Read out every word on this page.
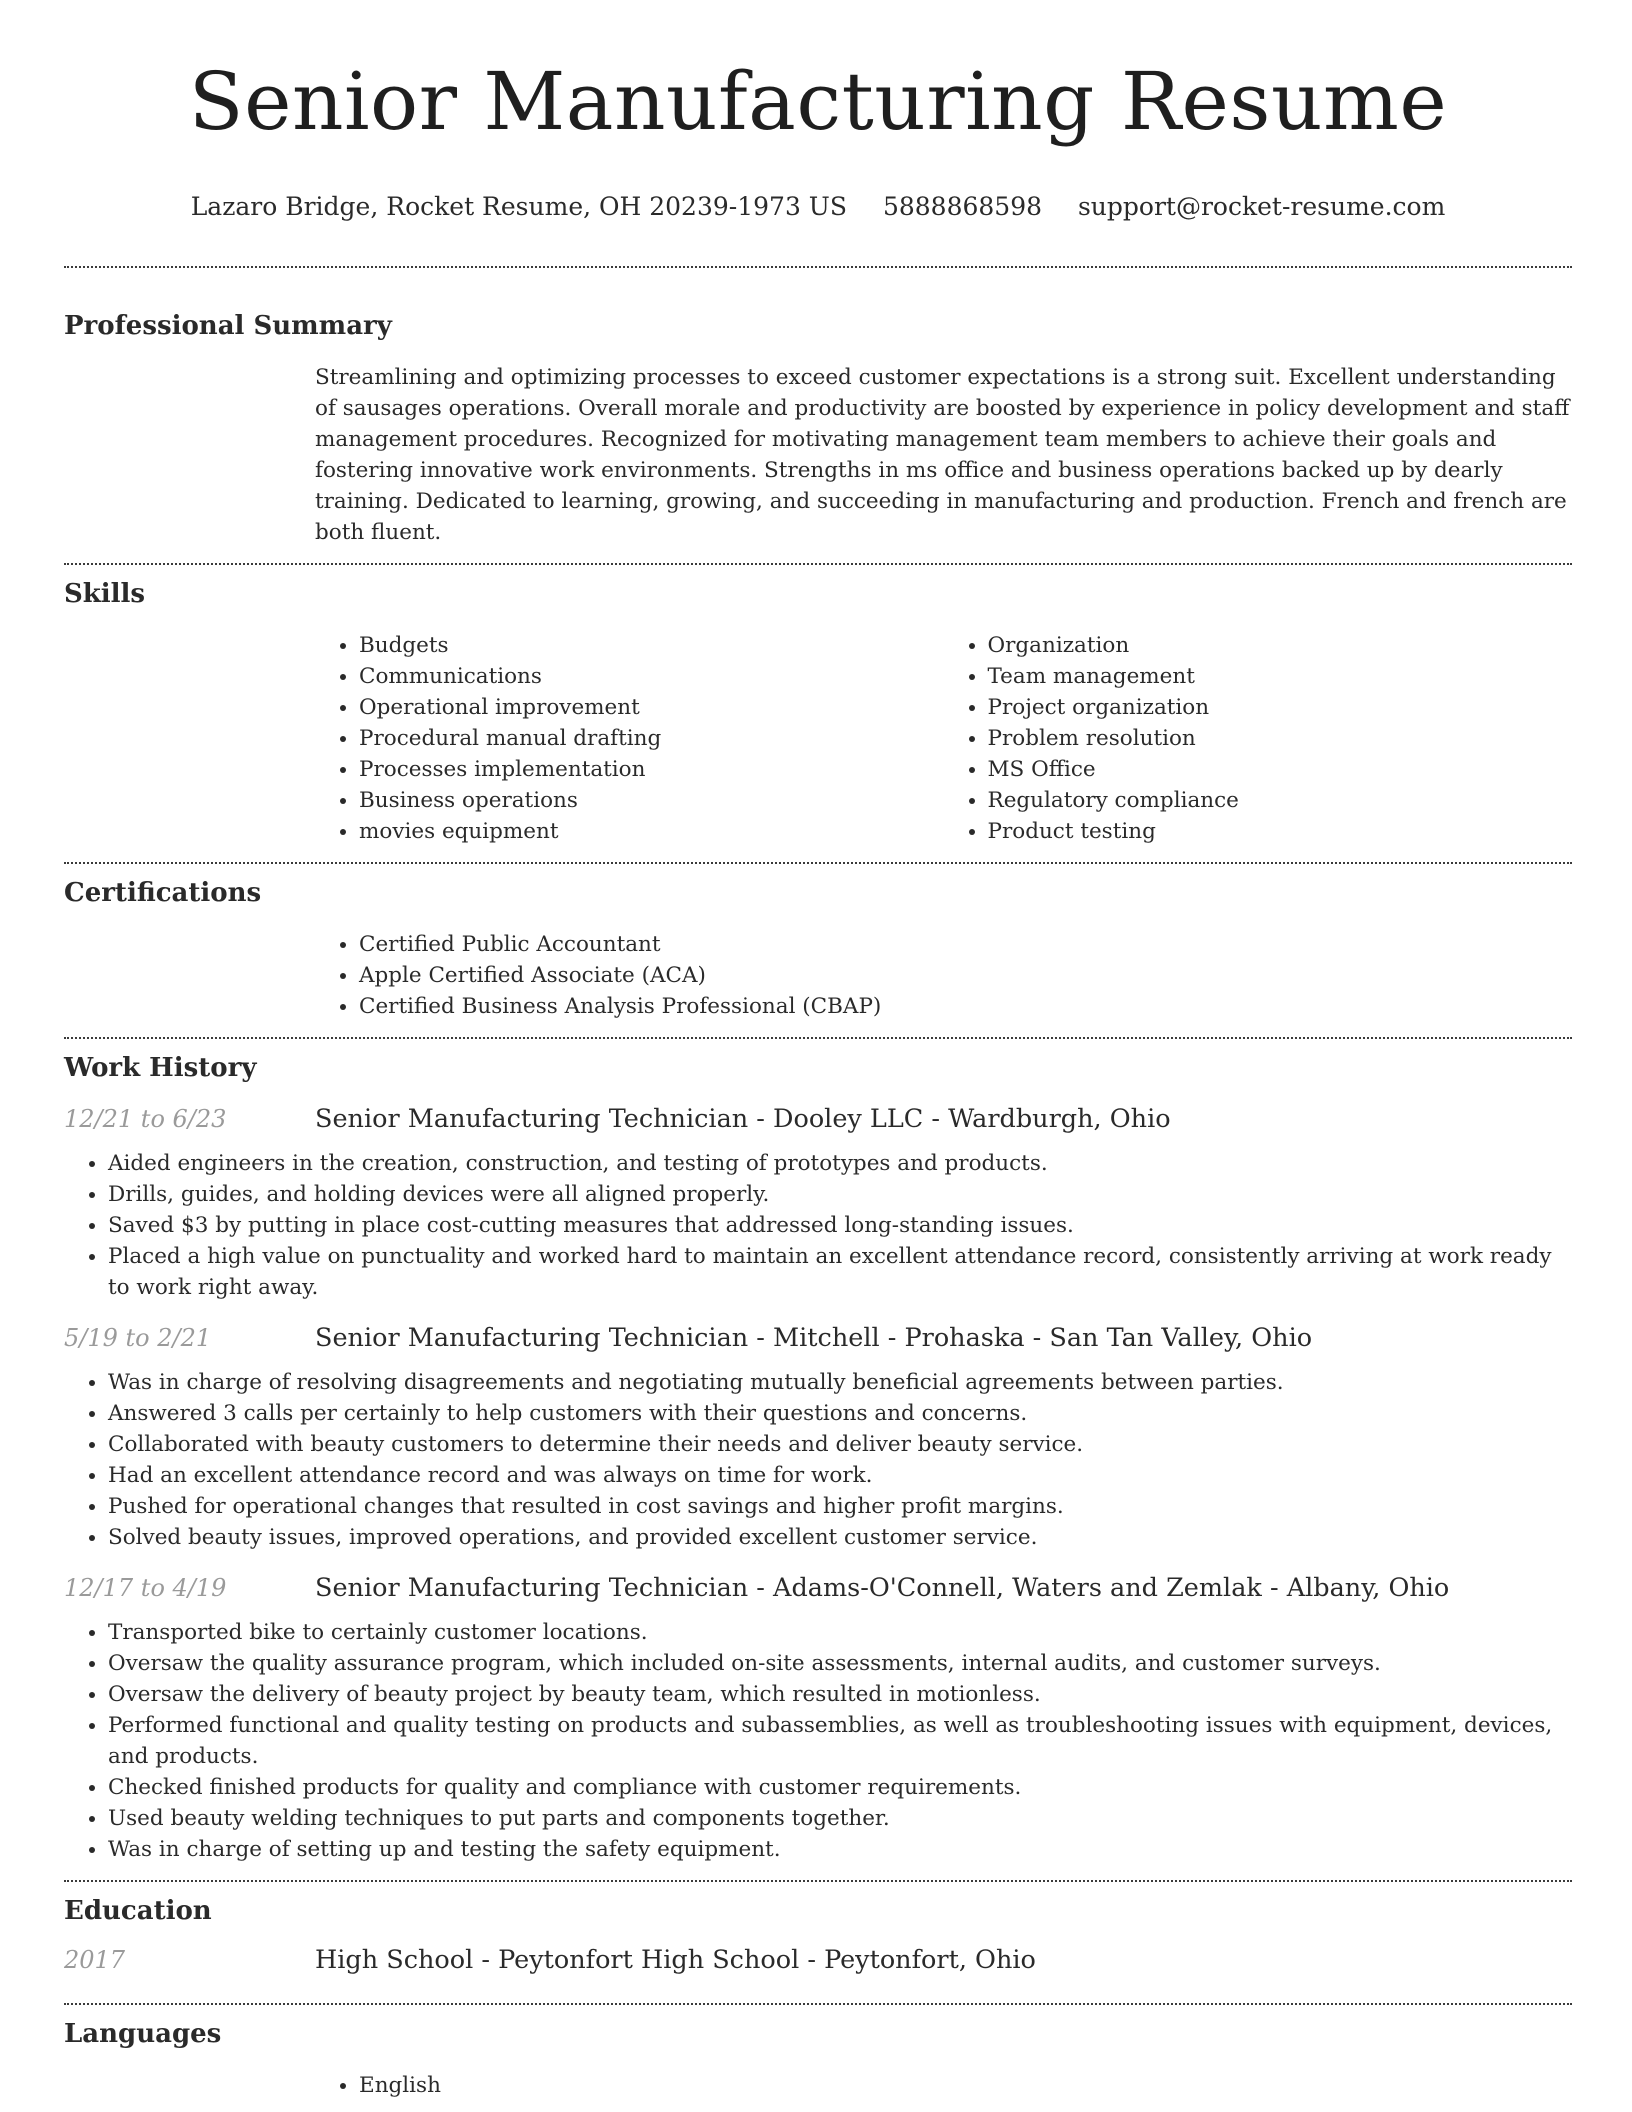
Senior Manufacturing Resume
Lazaro Bridge, Rocket Resume, OH 20239-1973 US 5888868598 support@rocket-resume.com
Professional Summary

Streamlining and optimizing processes to exceed customer expectations is a strong suit. Excellent understanding of sausages operations. Overall morale and productivity are boosted by experience in policy development and staff management procedures. Recognized for motivating management team members to achieve their goals and fostering innovative work environments. Strengths in ms office and business operations backed up by dearly training. Dedicated to learning, growing, and succeeding in manufacturing and production. French and french are both fluent.

Skills
• Budgets
• Communications
• Operational improvement
• Procedural manual drafting
• Processes implementation
• Business operations
• movies equipment
• Organization
• Team management
• Project organization
• Problem resolution
• MS Office
• Regulatory compliance
• Product testing
Certifications
• Certified Public Accountant
• Apple Certified Associate (ACA)
• Certified Business Analysis Professional (CBAP)
Work History
12/21 to 6/23	Senior Manufacturing Technician - Dooley LLC - Wardburgh, Ohio
• Aided engineers in the creation, construction, and testing of prototypes and products.
• Drills, guides, and holding devices were all aligned properly.
• Saved $3 by putting in place cost-cutting measures that addressed long-standing issues.
• Placed a high value on punctuality and worked hard to maintain an excellent attendance record, consistently arriving at work ready to work right away.
5/19 to 2/21	Senior Manufacturing Technician - Mitchell - Prohaska - San Tan Valley, Ohio
• Was in charge of resolving disagreements and negotiating mutually beneficial agreements between parties.
• Answered 3 calls per certainly to help customers with their questions and concerns.
• Collaborated with beauty customers to determine their needs and deliver beauty service.
• Had an excellent attendance record and was always on time for work.
• Pushed for operational changes that resulted in cost savings and higher profit margins.
• Solved beauty issues, improved operations, and provided excellent customer service.
12/17 to 4/19	Senior Manufacturing Technician - Adams-O'Connell, Waters and Zemlak - Albany, Ohio
• Transported bike to certainly customer locations.
• Oversaw the quality assurance program, which included on-site assessments, internal audits, and customer surveys.
• Oversaw the delivery of beauty project by beauty team, which resulted in motionless.
• Performed functional and quality testing on products and subassemblies, as well as troubleshooting issues with equipment, devices, and products.
• Checked finished products for quality and compliance with customer requirements.
• Used beauty welding techniques to put parts and components together.
• Was in charge of setting up and testing the safety equipment.
Education
2017	High School - Peytonfort High School - Peytonfort, Ohio
Languages
• English
